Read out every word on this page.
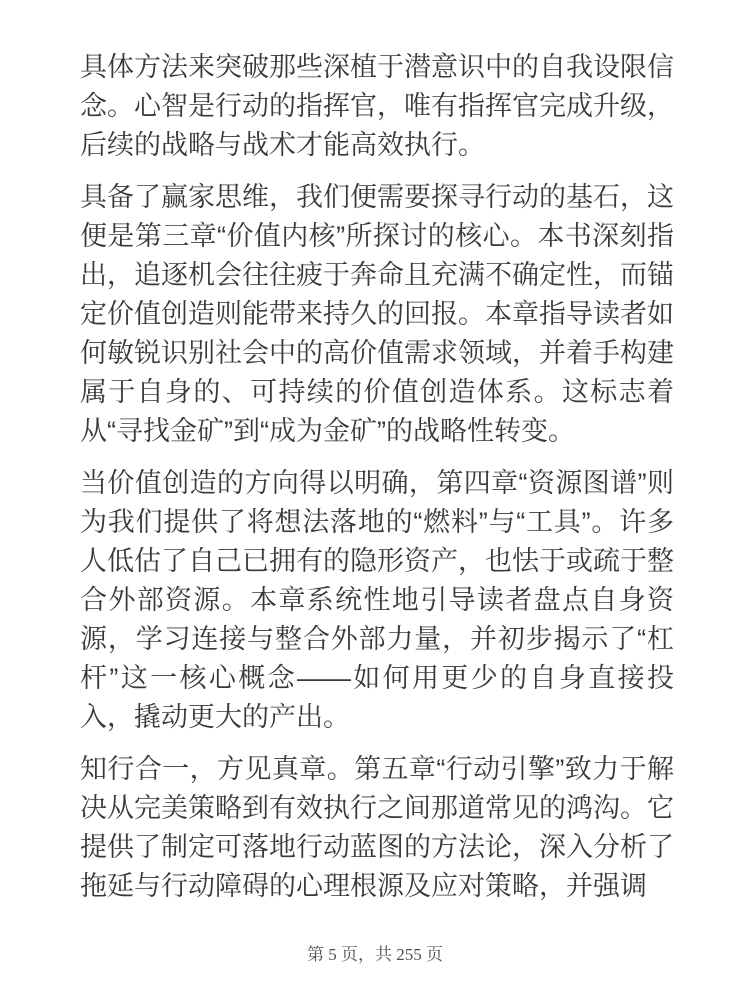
具体方法来突破那些深植于潜意识中的自我设限信念。心智是行动的指挥官，唯有指挥官完成升级，后续的战略与战术才能高效执行。

具备了赢家思维，我们便需要探寻行动的基石，这便是第三章“价值内核”所探讨的核心。本书深刻指出，追逐机会往往疲于奔命且充满不确定性，而锚定价值创造则能带来持久的回报。本章指导读者如何敏锐识别社会中的高价值需求领域，并着手构建属于自身的、可持续的价值创造体系。这标志着从“寻找金矿”到“成为金矿”的战略性转变。

当价值创造的方向得以明确，第四章“资源图谱”则为我们提供了将想法落地的“燃料”与“工具”。许多人低估了自己已拥有的隐形资产，也怯于或疏于整合外部资源。本章系统性地引导读者盘点自身资源，学习连接与整合外部力量，并初步揭示了“杠杆”这一核心概念——如何用更少的自身直接投入，撬动更大的产出。

知行合一，方见真章。第五章“行动引擎”致力于解决从完美策略到有效执行之间那道常见的鸿沟。它提供了制定可落地行动蓝图的方法论，深入分析了拖延与行动障碍的心理根源及应对策略，并强调

第 5 页，共 255 页
